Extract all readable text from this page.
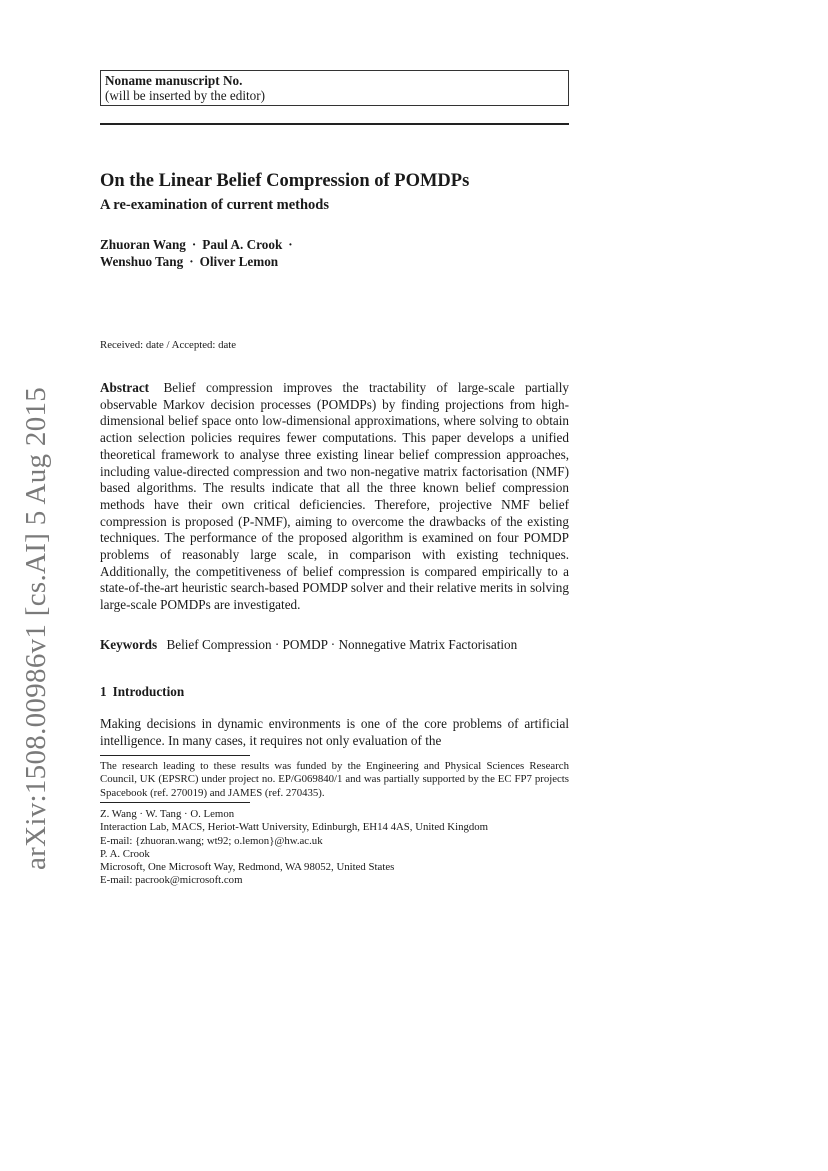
arXiv:1508.00986v1 [cs.AI] 5 Aug 2015
Noname manuscript No.
(will be inserted by the editor)
On the Linear Belief Compression of POMDPs
A re-examination of current methods
Zhuoran Wang · Paul A. Crook ·
Wenshuo Tang · Oliver Lemon
Received: date / Accepted: date
Abstract Belief compression improves the tractability of large-scale partially observable Markov decision processes (POMDPs) by finding projections from high-dimensional belief space onto low-dimensional approximations, where solving to obtain action selection policies requires fewer computations. This paper develops a unified theoretical framework to analyse three existing linear belief compression approaches, including value-directed compression and two non-negative matrix factorisation (NMF) based algorithms. The results indicate that all the three known belief compression methods have their own critical deficiencies. Therefore, projective NMF belief compression is proposed (P-NMF), aiming to overcome the drawbacks of the existing techniques. The performance of the proposed algorithm is examined on four POMDP problems of reasonably large scale, in comparison with existing techniques. Additionally, the competitiveness of belief compression is compared empirically to a state-of-the-art heuristic search-based POMDP solver and their relative merits in solving large-scale POMDPs are investigated.
Keywords Belief Compression · POMDP · Nonnegative Matrix Factorisation
1 Introduction
Making decisions in dynamic environments is one of the core problems of artificial intelligence. In many cases, it requires not only evaluation of the
The research leading to these results was funded by the Engineering and Physical Sciences Research Council, UK (EPSRC) under project no. EP/G069840/1 and was partially supported by the EC FP7 projects Spacebook (ref. 270019) and JAMES (ref. 270435).
Z. Wang · W. Tang · O. Lemon
Interaction Lab, MACS, Heriot-Watt University, Edinburgh, EH14 4AS, United Kingdom
E-mail: {zhuoran.wang; wt92; o.lemon}@hw.ac.uk
P. A. Crook
Microsoft, One Microsoft Way, Redmond, WA 98052, United States
E-mail: pacrook@microsoft.com
